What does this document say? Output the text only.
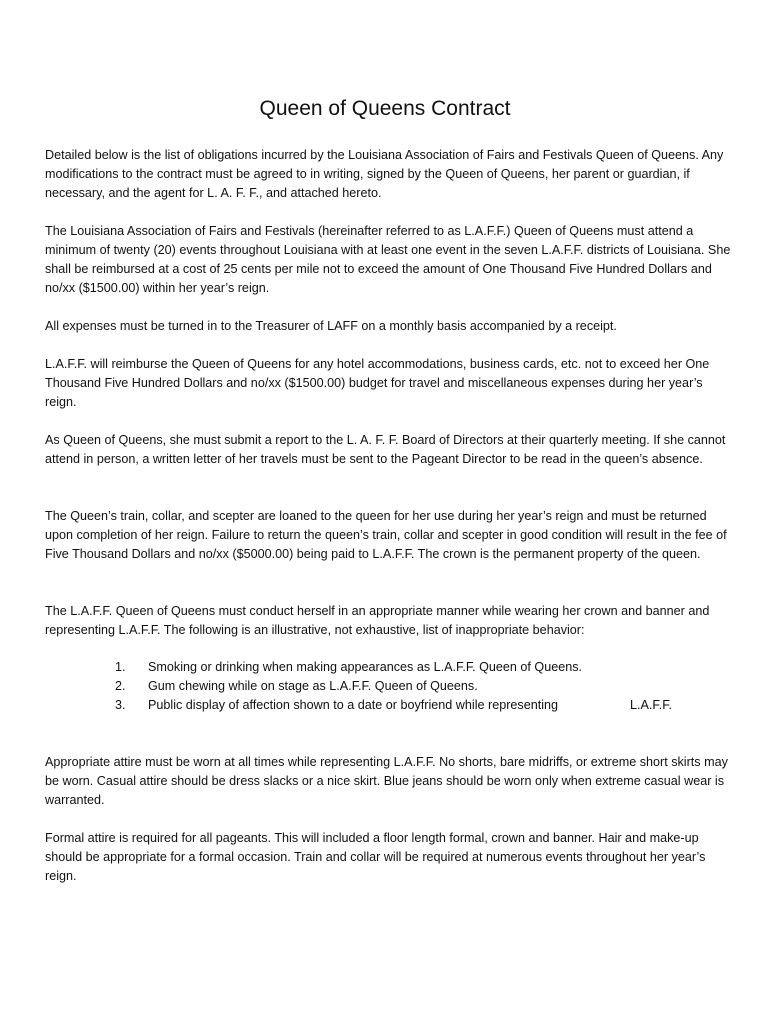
Queen of Queens Contract

Detailed below is the list of obligations incurred by the Louisiana Association of Fairs and Festivals Queen of Queens. Any modifications to the contract must be agreed to in writing, signed by the Queen of Queens, her parent or guardian, if necessary, and the agent for L. A. F. F., and attached hereto.

The Louisiana Association of Fairs and Festivals (hereinafter referred to as L.A.F.F.) Queen of Queens must attend a minimum of twenty (20) events throughout Louisiana with at least one event in the seven L.A.F.F. districts of Louisiana. She shall be reimbursed at a cost of 25 cents per mile not to exceed the amount of One Thousand Five Hundred Dollars and no/xx ($1500.00) within her year’s reign.

All expenses must be turned in to the Treasurer of LAFF on a monthly basis accompanied by a receipt.

L.A.F.F. will reimburse the Queen of Queens for any hotel accommodations, business cards, etc. not to exceed her One Thousand Five Hundred Dollars and no/xx ($1500.00) budget for travel and miscellaneous expenses during her year’s reign.

As Queen of Queens, she must submit a report to the L. A. F. F. Board of Directors at their quarterly meeting. If she cannot attend in person, a written letter of her travels must be sent to the Pageant Director to be read in the queen’s absence.

The Queen’s train, collar, and scepter are loaned to the queen for her use during her year’s reign and must be returned upon completion of her reign. Failure to return the queen’s train, collar and scepter in good condition will result in the fee of Five Thousand Dollars and no/xx ($5000.00) being paid to L.A.F.F. The crown is the permanent property of the queen.

The L.A.F.F. Queen of Queens must conduct herself in an appropriate manner while wearing her crown and banner and representing L.A.F.F. The following is an illustrative, not exhaustive, list of inappropriate behavior:

1. Smoking or drinking when making appearances as L.A.F.F. Queen of Queens.
2. Gum chewing while on stage as L.A.F.F. Queen of Queens.
3. Public display of affection shown to a date or boyfriend while representing	L.A.F.F.

Appropriate attire must be worn at all times while representing L.A.F.F. No shorts, bare midriffs, or extreme short skirts may be worn. Casual attire should be dress slacks or a nice skirt. Blue jeans should be worn only when extreme casual wear is warranted.

Formal attire is required for all pageants. This will included a floor length formal, crown and banner. Hair and make-up should be appropriate for a formal occasion. Train and collar will be required at numerous events throughout her year’s reign.
